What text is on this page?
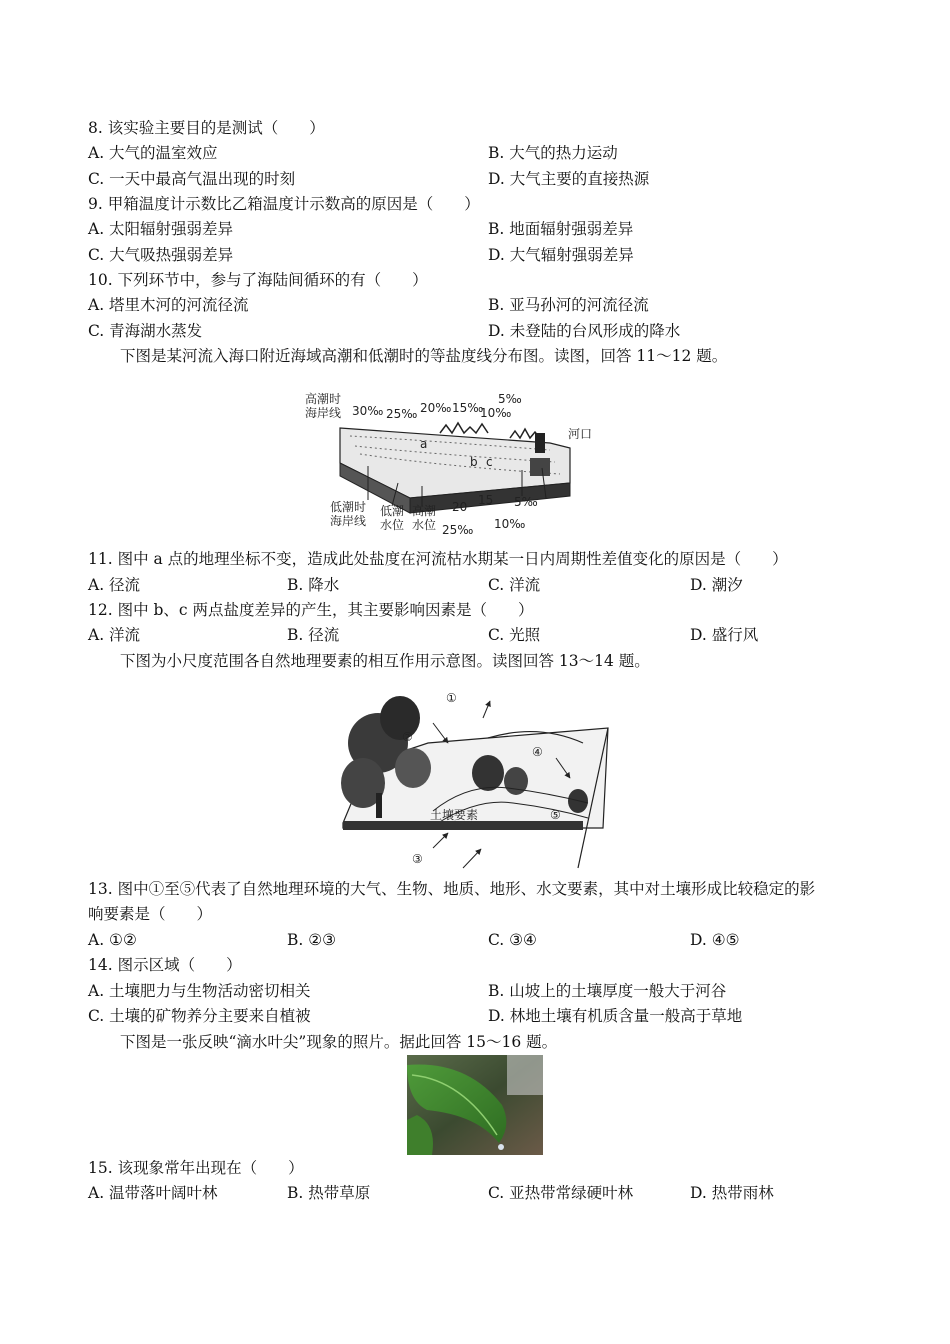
8. 该实验主要目的是测试（　　）
A. 大气的温室效应	B. 大气的热力运动
C. 一天中最高气温出现的时刻	D. 大气主要的直接热源
9. 甲箱温度计示数比乙箱温度计示数高的原因是（　　）
A. 太阳辐射强弱差异	B. 地面辐射强弱差异
C. 大气吸热强弱差异	D. 大气辐射强弱差异
10. 下列环节中，参与了海陆间循环的有（　　）
A. 塔里木河的河流径流	B. 亚马孙河的河流径流
C. 青海湖水蒸发	D. 未登陆的台风形成的降水
下图是某河流入海口附近海域高潮和低潮时的等盐度线分布图。读图，回答 11～12 题。
高潮时
海岸线 30‰ 25‰ 20‰ 15‰
10‰
5‰
河口
a
b c
低潮时
海岸线
低潮
水位
高潮
水位
20 15
25‰
5‰
10‰
11. 图中 a 点的地理坐标不变，造成此处盐度在河流枯水期某一日内周期性差值变化的原因是（　　）
A. 径流	B. 降水	C. 洋流	D. 潮汐
12. 图中 b、c 两点盐度差异的产生，其主要影响因素是（　　）
A. 洋流	B. 径流	C. 光照	D. 盛行风
下图为小尺度范围各自然地理要素的相互作用示意图。读图回答 13～14 题。
①
②
③
④
⑤
土壤要素
13. 图中①至⑤代表了自然地理环境的大气、生物、地质、地形、水文要素，其中对土壤形成比较稳定的影
响要素是（　　）
A. ①②	B. ②③	C. ③④	D. ④⑤
14. 图示区域（　　）
A. 土壤肥力与生物活动密切相关	B. 山坡上的土壤厚度一般大于河谷
C. 土壤的矿物养分主要来自植被	D. 林地土壤有机质含量一般高于草地
下图是一张反映“滴水叶尖”现象的照片。据此回答 15～16 题。
15. 该现象常年出现在（　　）
A. 温带落叶阔叶林	B. 热带草原	C. 亚热带常绿硬叶林	D. 热带雨林
